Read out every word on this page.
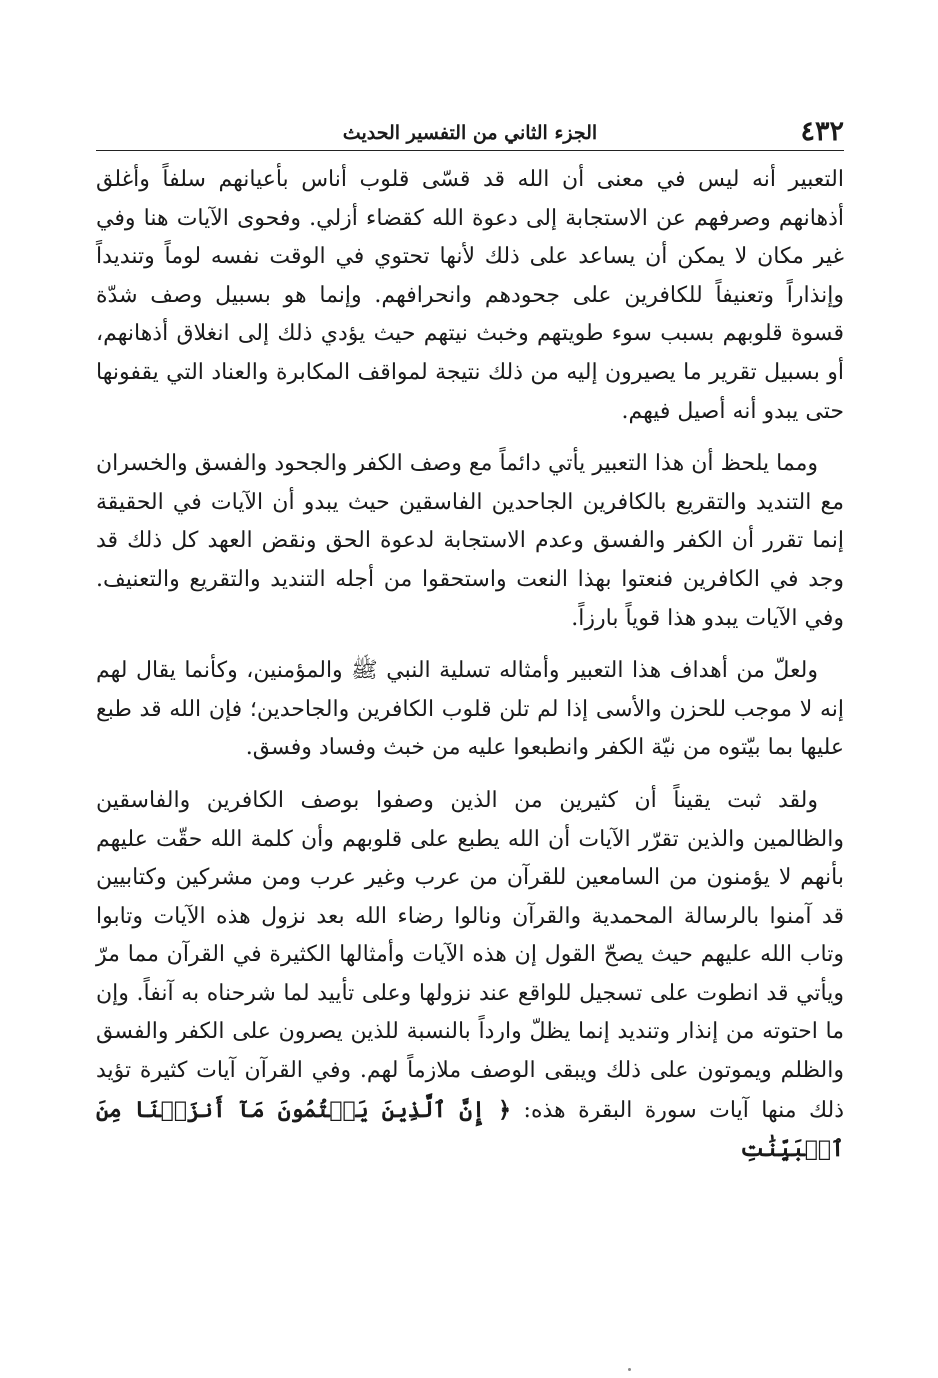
٤٣٢
الجزء الثاني من التفسير الحديث

التعبير أنه ليس في معنى أن الله قد قسّى قلوب أناس بأعيانهم سلفاً وأغلق أذهانهم وصرفهم عن الاستجابة إلى دعوة الله كقضاء أزلي. وفحوى الآيات هنا وفي غير مكان لا يمكن أن يساعد على ذلك لأنها تحتوي في الوقت نفسه لوماً وتنديداً وإنذاراً وتعنيفاً للكافرين على جحودهم وانحرافهم. وإنما هو بسبيل وصف شدّة قسوة قلوبهم بسبب سوء طويتهم وخبث نيتهم حيث يؤدي ذلك إلى انغلاق أذهانهم، أو بسبيل تقرير ما يصيرون إليه من ذلك نتيجة لمواقف المكابرة والعناد التي يقفونها حتى يبدو أنه أصيل فيهم.

ومما يلحظ أن هذا التعبير يأتي دائماً مع وصف الكفر والجحود والفسق والخسران مع التنديد والتقريع بالكافرين الجاحدين الفاسقين حيث يبدو أن الآيات في الحقيقة إنما تقرر أن الكفر والفسق وعدم الاستجابة لدعوة الحق ونقض العهد كل ذلك قد وجد في الكافرين فنعتوا بهذا النعت واستحقوا من أجله التنديد والتقريع والتعنيف. وفي الآيات يبدو هذا قوياً بارزاً.

ولعلّ من أهداف هذا التعبير وأمثاله تسلية النبي ﷺ والمؤمنين، وكأنما يقال لهم إنه لا موجب للحزن والأسى إذا لم تلن قلوب الكافرين والجاحدين؛ فإن الله قد طبع عليها بما بيّتوه من نيّة الكفر وانطبعوا عليه من خبث وفساد وفسق.

ولقد ثبت يقيناً أن كثيرين من الذين وصفوا بوصف الكافرين والفاسقين والظالمين والذين تقرّر الآيات أن الله يطبع على قلوبهم وأن كلمة الله حقّت عليهم بأنهم لا يؤمنون من السامعين للقرآن من عرب وغير عرب ومن مشركين وكتابيين قد آمنوا بالرسالة المحمدية والقرآن ونالوا رضاء الله بعد نزول هذه الآيات وتابوا وتاب الله عليهم حيث يصحّ القول إن هذه الآيات وأمثالها الكثيرة في القرآن مما مرّ ويأتي قد انطوت على تسجيل للواقع عند نزولها وعلى تأييد لما شرحناه به آنفاً. وإن ما احتوته من إنذار وتنديد إنما يظلّ وارداً بالنسبة للذين يصرون على الكفر والفسق والظلم ويموتون على ذلك ويبقى الوصف ملازماً لهم. وفي القرآن آيات كثيرة تؤيد ذلك منها آيات سورة البقرة هذه: ﴿ إِنَّ ٱلَّذِينَ يَكۡتُمُونَ مَآ أَنزَلۡنَا مِنَ ٱلۡبَيِّنَٰتِ
